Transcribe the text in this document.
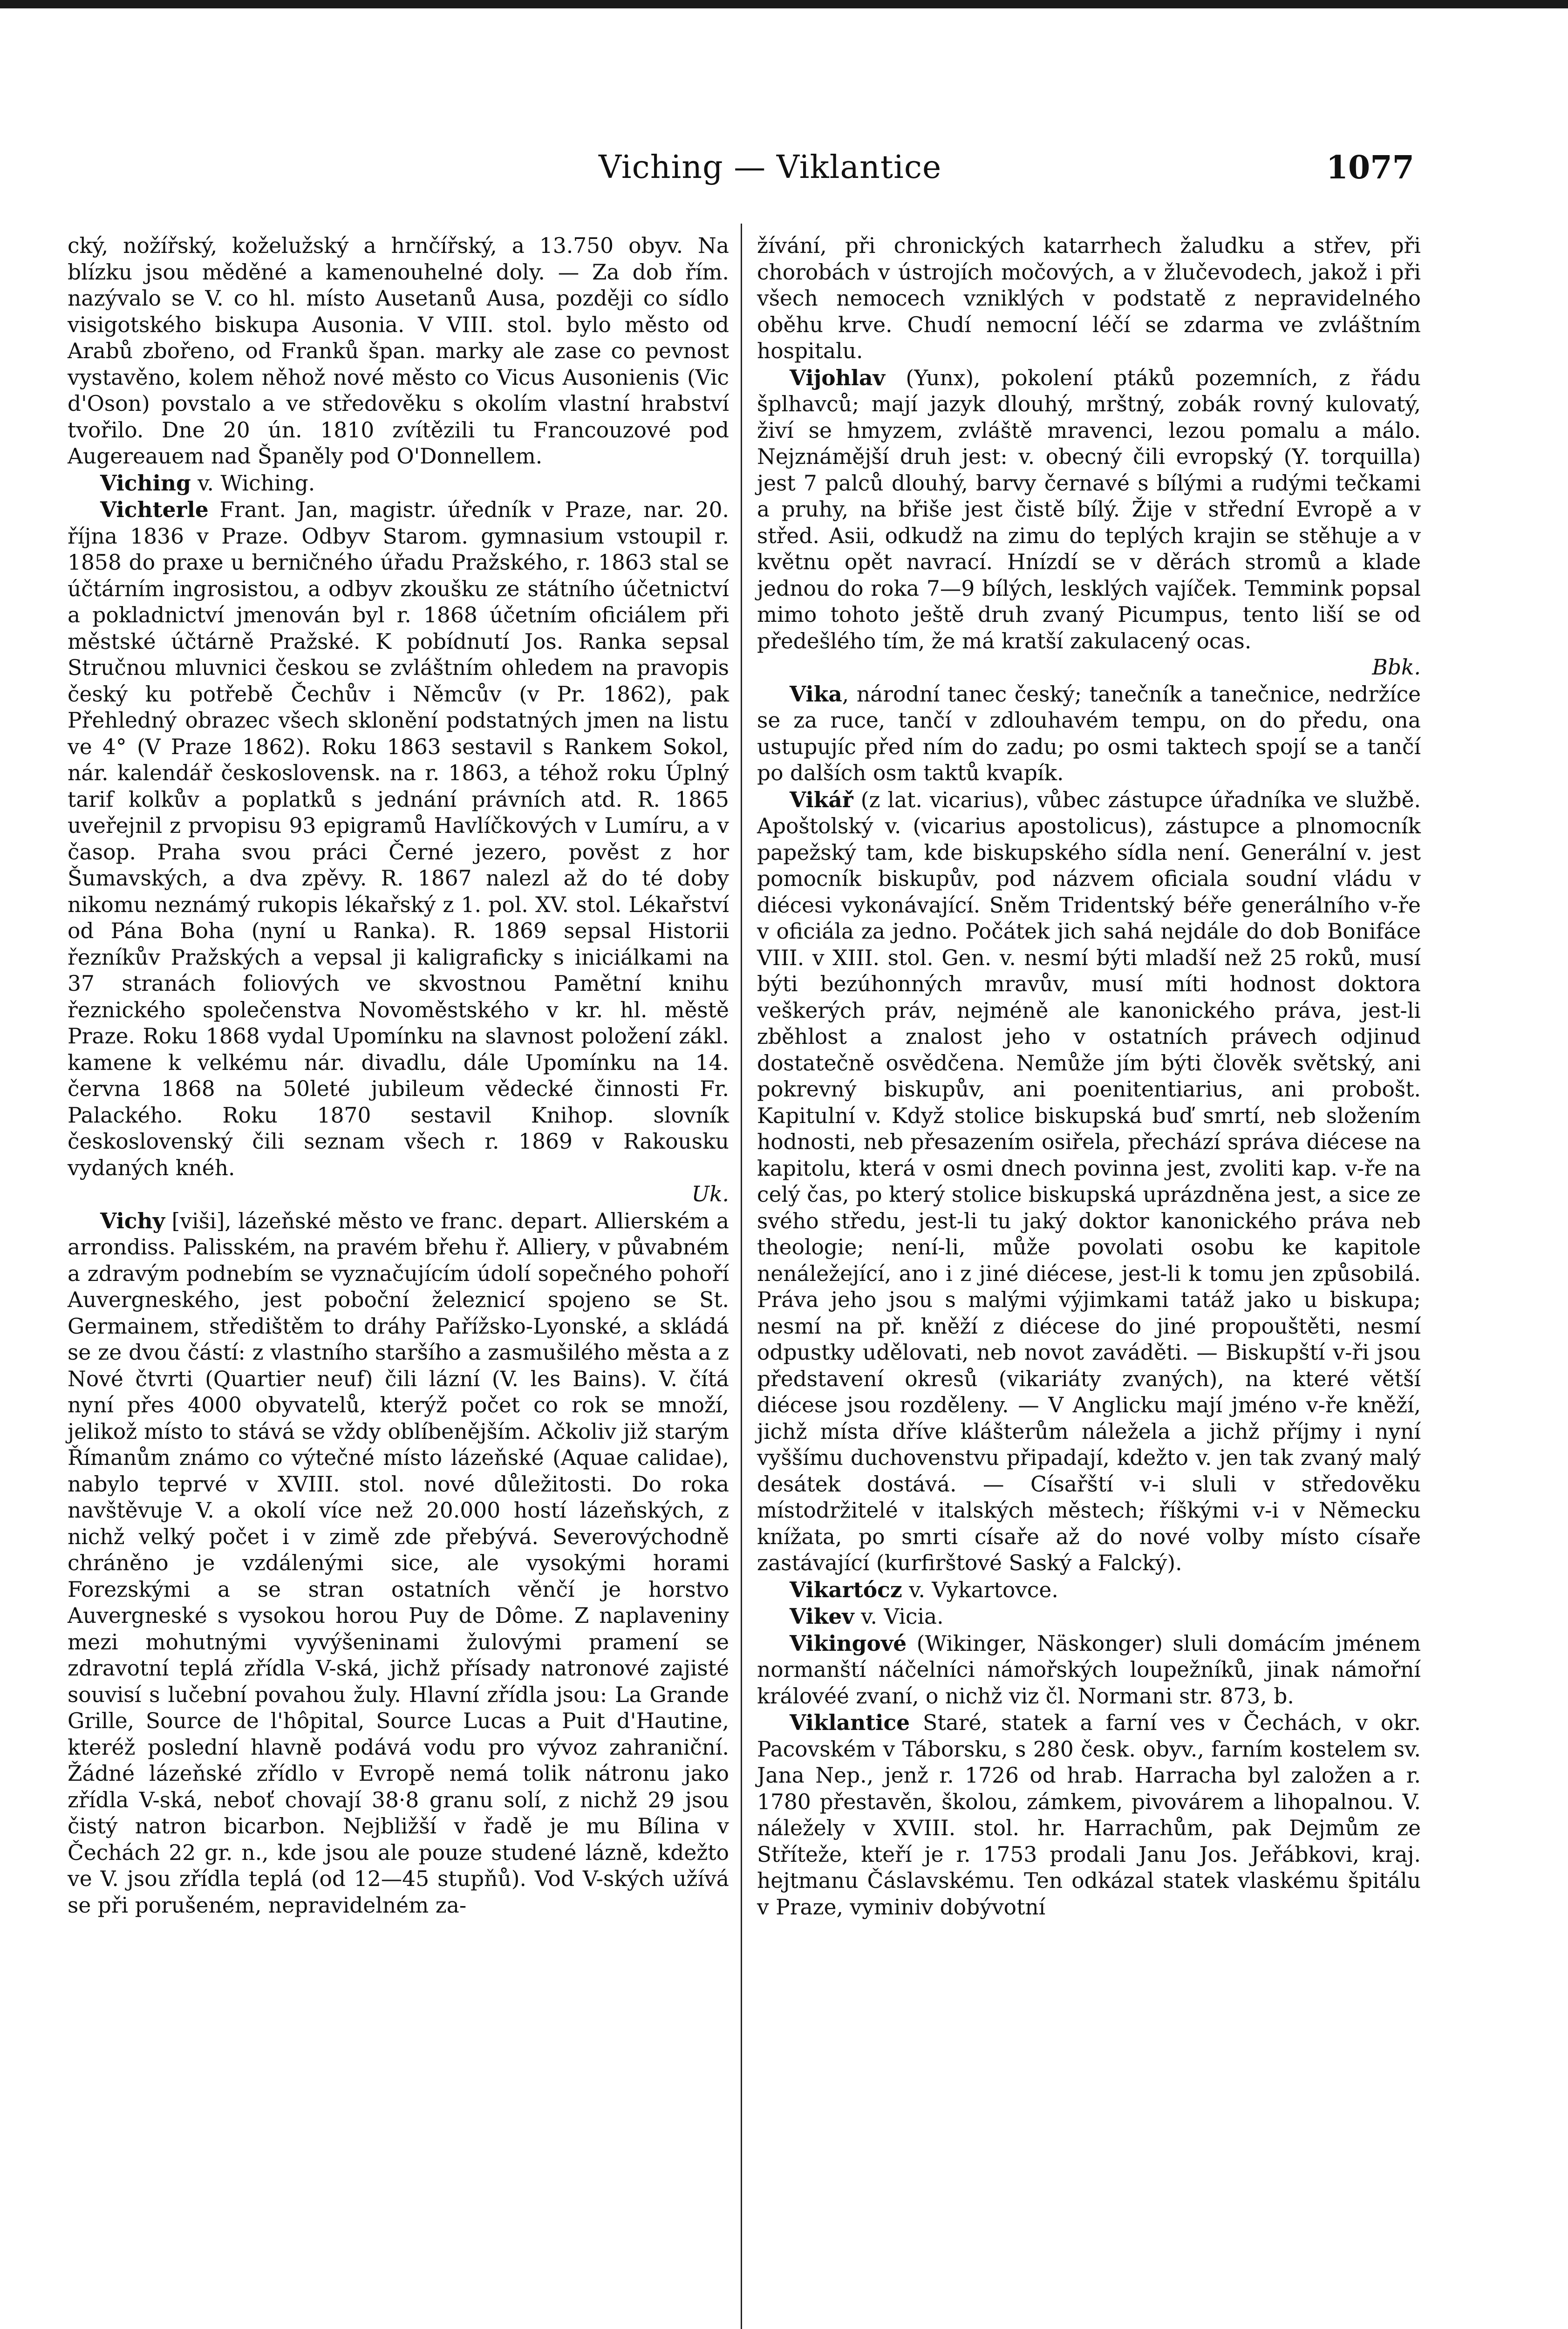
Viching — Viklantice	1077

cký, nožířský, koželužský a hrnčířský, a 13.750 obyv. Na blízku jsou měděné a kamenouhelné doly. — Za dob řím. nazývalo se V. co hl. místo Ausetanů Ausa, později co sídlo visigotského biskupa Ausonia. V VIII. stol. bylo město od Arabů zbořeno, od Franků špan. marky ale zase co pevnost vystavěno, kolem něhož nové město co Vicus Ausonienis (Vic d'Oson) povstalo a ve středověku s okolím vlastní hrabství tvořilo. Dne 20 ún. 1810 zvítězili tu Francouzové pod Augereauem nad Španěly pod O'Donnellem.

Viching v. Wiching.

Vichterle Frant. Jan, magistr. úředník v Praze, nar. 20. října 1836 v Praze. Odbyv Starom. gymnasium vstoupil r. 1858 do praxe u berničného úřadu Pražského, r. 1863 stal se účtárním ingrosistou, a odbyv zkoušku ze státního účetnictví a pokladnictví jmenován byl r. 1868 účetním oficiálem při městské účtárně Pražské. K pobídnutí Jos. Ranka sepsal Stručnou mluvnici českou se zvláštním ohledem na pravopis český ku potřebě Čechův i Němcův (v Pr. 1862), pak Přehledný obrazec všech sklonění podstatných jmen na listu ve 4° (V Praze 1862). Roku 1863 sestavil s Rankem Sokol, nár. kalendář československ. na r. 1863, a téhož roku Úplný tarif kolkův a poplatků s jednání právních atd. R. 1865 uveřejnil z prvopisu 93 epigramů Havlíčkových v Lumíru, a v časop. Praha svou práci Černé jezero, pověst z hor Šumavských, a dva zpěvy. R. 1867 nalezl až do té doby nikomu neznámý rukopis lékařský z 1. pol. XV. stol. Lékařství od Pána Boha (nyní u Ranka). R. 1869 sepsal Historii řezníkův Pražských a vepsal ji kaligraficky s iniciálkami na 37 stranách foliových ve skvostnou Pamětní knihu řeznického společenstva Novoměstského v kr. hl. městě Praze. Roku 1868 vydal Upomínku na slavnost položení zákl. kamene k velkému nár. divadlu, dále Upomínku na 14. června 1868 na 50leté jubileum vědecké činnosti Fr. Palackého. Roku 1870 sestavil Knihop. slovník československý čili seznam všech r. 1869 v Rakousku vydaných knéh.
Uk.

Vichy [viši], lázeňské město ve franc. depart. Allierském a arrondiss. Palisském, na pravém břehu ř. Alliery, v půvabném a zdravým podnebím se vyznačujícím údolí sopečného pohoří Auvergneského, jest poboční železnicí spojeno se St. Germainem, středištěm to dráhy Pařížsko-Lyonské, a skládá se ze dvou částí: z vlastního staršího a zasmušilého města a z Nové čtvrti (Quartier neuf) čili lázní (V. les Bains). V. čítá nyní přes 4000 obyvatelů, kterýž počet co rok se množí, jelikož místo to stává se vždy oblíbenějším. Ačkoliv již starým Římanům známo co výtečné místo lázeňské (Aquae calidae), nabylo teprvé v XVIII. stol. nové důležitosti. Do roka navštěvuje V. a okolí více než 20.000 hostí lázeňských, z nichž velký počet i v zimě zde přebývá. Severovýchodně chráněno je vzdálenými sice, ale vysokými horami Forezskými a se stran ostatních věnčí je horstvo Auvergneské s vysokou horou Puy de Dôme. Z naplaveniny mezi mohutnými vyvýšeninami žulovými pramení se zdravotní teplá zřídla V-ská, jichž přísady natronové zajisté souvisí s lučební povahou žuly. Hlavní zřídla jsou: La Grande Grille, Source de l'hôpital, Source Lucas a Puit d'Hautine, kteréž poslední hlavně podává vodu pro vývoz zahraniční. Žádné lázeňské zřídlo v Evropě nemá tolik nátronu jako zřídla V-ská, neboť chovají 38·8 granu solí, z nichž 29 jsou čistý natron bicarbon. Nejbližší v řadě je mu Bílina v Čechách 22 gr. n., kde jsou ale pouze studené lázně, kdežto ve V. jsou zřídla teplá (od 12—45 stupňů). Vod V-ských užívá se při porušeném, nepravidelném za-

žívání, při chronických katarrhech žaludku a střev, při chorobách v ústrojích močových, a v žlučevodech, jakož i při všech nemocech vzniklých v podstatě z nepravidelného oběhu krve. Chudí nemocní léčí se zdarma ve zvláštním hospitalu.

Vijohlav (Yunx), pokolení ptáků pozemních, z řádu šplhavců; mají jazyk dlouhý, mrštný, zobák rovný kulovatý, živí se hmyzem, zvláště mravenci, lezou pomalu a málo. Nejznámější druh jest: v. obecný čili evropský (Y. torquilla) jest 7 palců dlouhý, barvy černavé s bílými a rudými tečkami a pruhy, na břiše jest čistě bílý. Žije v střední Evropě a v střed. Asii, odkudž na zimu do teplých krajin se stěhuje a v květnu opět navrací. Hnízdí se v děrách stromů a klade jednou do roka 7—9 bílých, lesklých vajíček. Temmink popsal mimo tohoto ještě druh zvaný Picumpus, tento liší se od předešlého tím, že má kratší zakulacený ocas.
Bbk.

Vika, národní tanec český; tanečník a tanečnice, nedržíce se za ruce, tančí v zdlouhavém tempu, on do předu, ona ustupujíc před ním do zadu; po osmi taktech spojí se a tančí po dalších osm taktů kvapík.

Vikář (z lat. vicarius), vůbec zástupce úřadníka ve službě. Apoštolský v. (vicarius apostolicus), zástupce a plnomocník papežský tam, kde biskupského sídla není. Generální v. jest pomocník biskupův, pod názvem oficiala soudní vládu v diécesi vykonávající. Sněm Tridentský béře generálního v-ře v oficiála za jedno. Počátek jich sahá nejdále do dob Bonifáce VIII. v XIII. stol. Gen. v. nesmí býti mladší než 25 roků, musí býti bezúhonných mravův, musí míti hodnost doktora veškerých práv, nejméně ale kanonického práva, jest-li zběhlost a znalost jeho v ostatních právech odjinud dostatečně osvědčena. Nemůže jím býti člověk světský, ani pokrevný biskupův, ani poenitentiarius, ani probošt. Kapitulní v. Když stolice biskupská buď smrtí, neb složením hodnosti, neb přesazením osiřela, přechází správa diécese na kapitolu, která v osmi dnech povinna jest, zvoliti kap. v-ře na celý čas, po který stolice biskupská uprázdněna jest, a sice ze svého středu, jest-li tu jaký doktor kanonického práva neb theologie; není-li, může povolati osobu ke kapitole nenáležející, ano i z jiné diécese, jest-li k tomu jen způsobilá. Práva jeho jsou s malými výjimkami tatáž jako u biskupa; nesmí na př. kněží z diécese do jiné propouštěti, nesmí odpustky udělovati, neb novot zaváděti. — Biskupští v-ři jsou představení okresů (vikariáty zvaných), na které větší diécese jsou rozděleny. — V Anglicku mají jméno v-ře kněží, jichž místa dříve klášterům náležela a jichž příjmy i nyní vyššímu duchovenstvu připadají, kdežto v. jen tak zvaný malý desátek dostává. — Císařští v-i sluli v středověku místodržitelé v italských městech; říškými v-i v Německu knížata, po smrti císaře až do nové volby místo císaře zastávající (kurfirštové Saský a Falcký).

Vikartócz v. Vykartovce.

Vikev v. Vicia.

Vikingové (Wikinger, Näskonger) sluli domácím jménem normanští náčelníci námořských loupežníků, jinak námořní královéé zvaní, o nichž viz čl. Normani str. 873, b.

Viklantice Staré, statek a farní ves v Čechách, v okr. Pacovském v Táborsku, s 280 česk. obyv., farním kostelem sv. Jana Nep., jenž r. 1726 od hrab. Harracha byl založen a r. 1780 přestavěn, školou, zámkem, pivovárem a lihopalnou. V. náležely v XVIII. stol. hr. Harrachům, pak Dejmům ze Stříteže, kteří je r. 1753 prodali Janu Jos. Jeřábkovi, kraj. hejtmanu Čáslavskému. Ten odkázal statek vlaskému špitálu v Praze, vyminiv dobývotní
